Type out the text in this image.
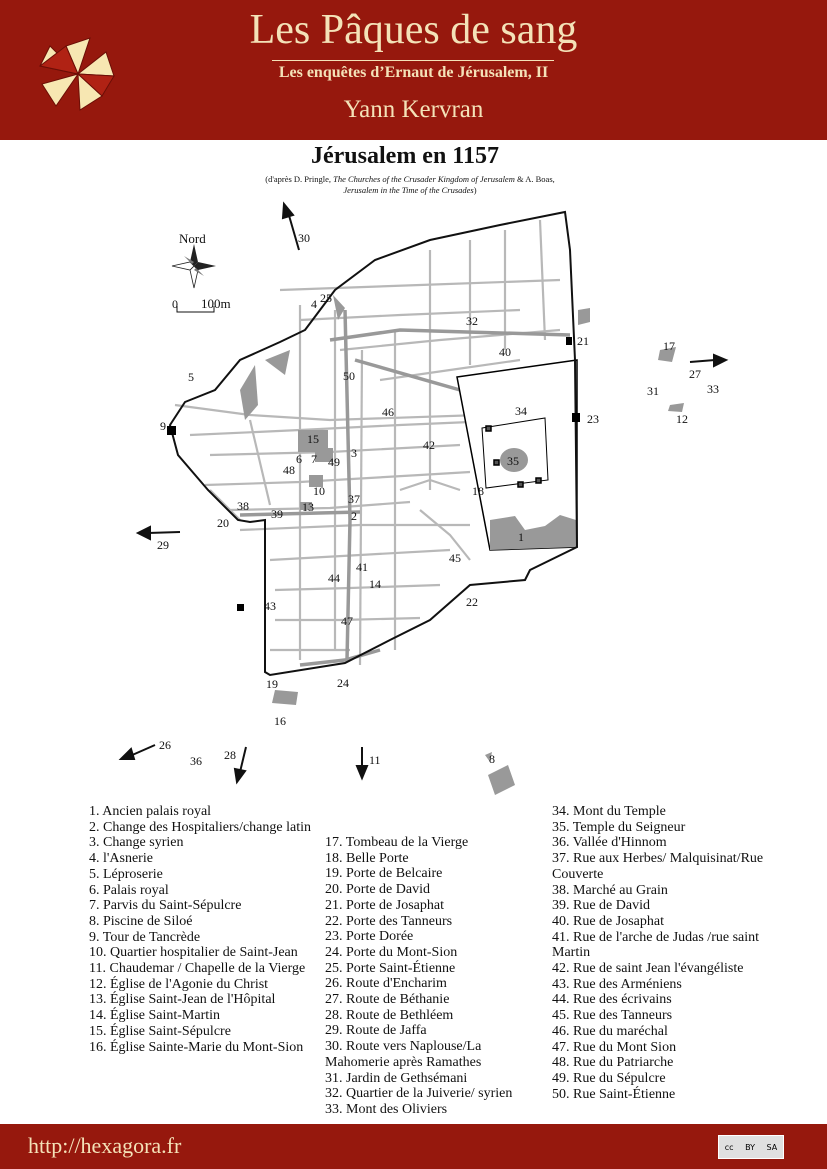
Les Pâques de sang
Les enquêtes d’Ernaut de Jérusalem, II
Yann Kervran
Jérusalem en 1157
(d'après D. Pringle, The Churches of the Crusader Kingdom of Jerusalem & A. Boas, Jerusalem in the Time of the Crusades)
Nord
0 100m
1
2
3
4
5
6 7
8
9
10
11
12
13
14
15
16
17
18
19
20
21
22
23
24
25
26
27
28
29
30
31
32
33
34
35
36
37
38
39
40
41
42
43
44
45
46
47
48
49
50
1. Ancien palais royal
2. Change des Hospitaliers/change latin
3. Change syrien
4. l'Asnerie
5. Léproserie
6. Palais royal
7. Parvis du Saint-Sépulcre
8. Piscine de Siloé
9. Tour de Tancrède
10. Quartier hospitalier de Saint-Jean
11. Chaudemar / Chapelle de la Vierge
12. Église de l'Agonie du Christ
13. Église Saint-Jean de l'Hôpital
14. Église Saint-Martin
15. Église Saint-Sépulcre
16. Église Sainte-Marie du Mont-Sion
17. Tombeau de la Vierge
18. Belle Porte
19. Porte de Belcaire
20. Porte de David
21. Porte de Josaphat
22. Porte des Tanneurs
23. Porte Dorée
24. Porte du Mont-Sion
25. Porte Saint-Étienne
26. Route d'Encharim
27. Route de Béthanie
28. Route de Bethléem
29. Route de Jaffa
30. Route vers Naplouse/La Mahomerie après Ramathes
31. Jardin de Gethsémani
32. Quartier de la Juiverie/ syrien
33. Mont des Oliviers
34. Mont du Temple
35. Temple du Seigneur
36. Vallée d'Hinnom
37. Rue aux Herbes/ Malquisinat/Rue Couverte
38. Marché au Grain
39. Rue de David
40. Rue de Josaphat
41. Rue de l'arche de Judas /rue saint Martin
42. Rue de saint Jean l'évangéliste
43. Rue des Arméniens
44. Rue des écrivains
45. Rue des Tanneurs
46. Rue du maréchal
47. Rue du Mont Sion
48. Rue du Patriarche
49. Rue du Sépulcre
50. Rue Saint-Étienne
http://hexagora.fr	cc BY SA
